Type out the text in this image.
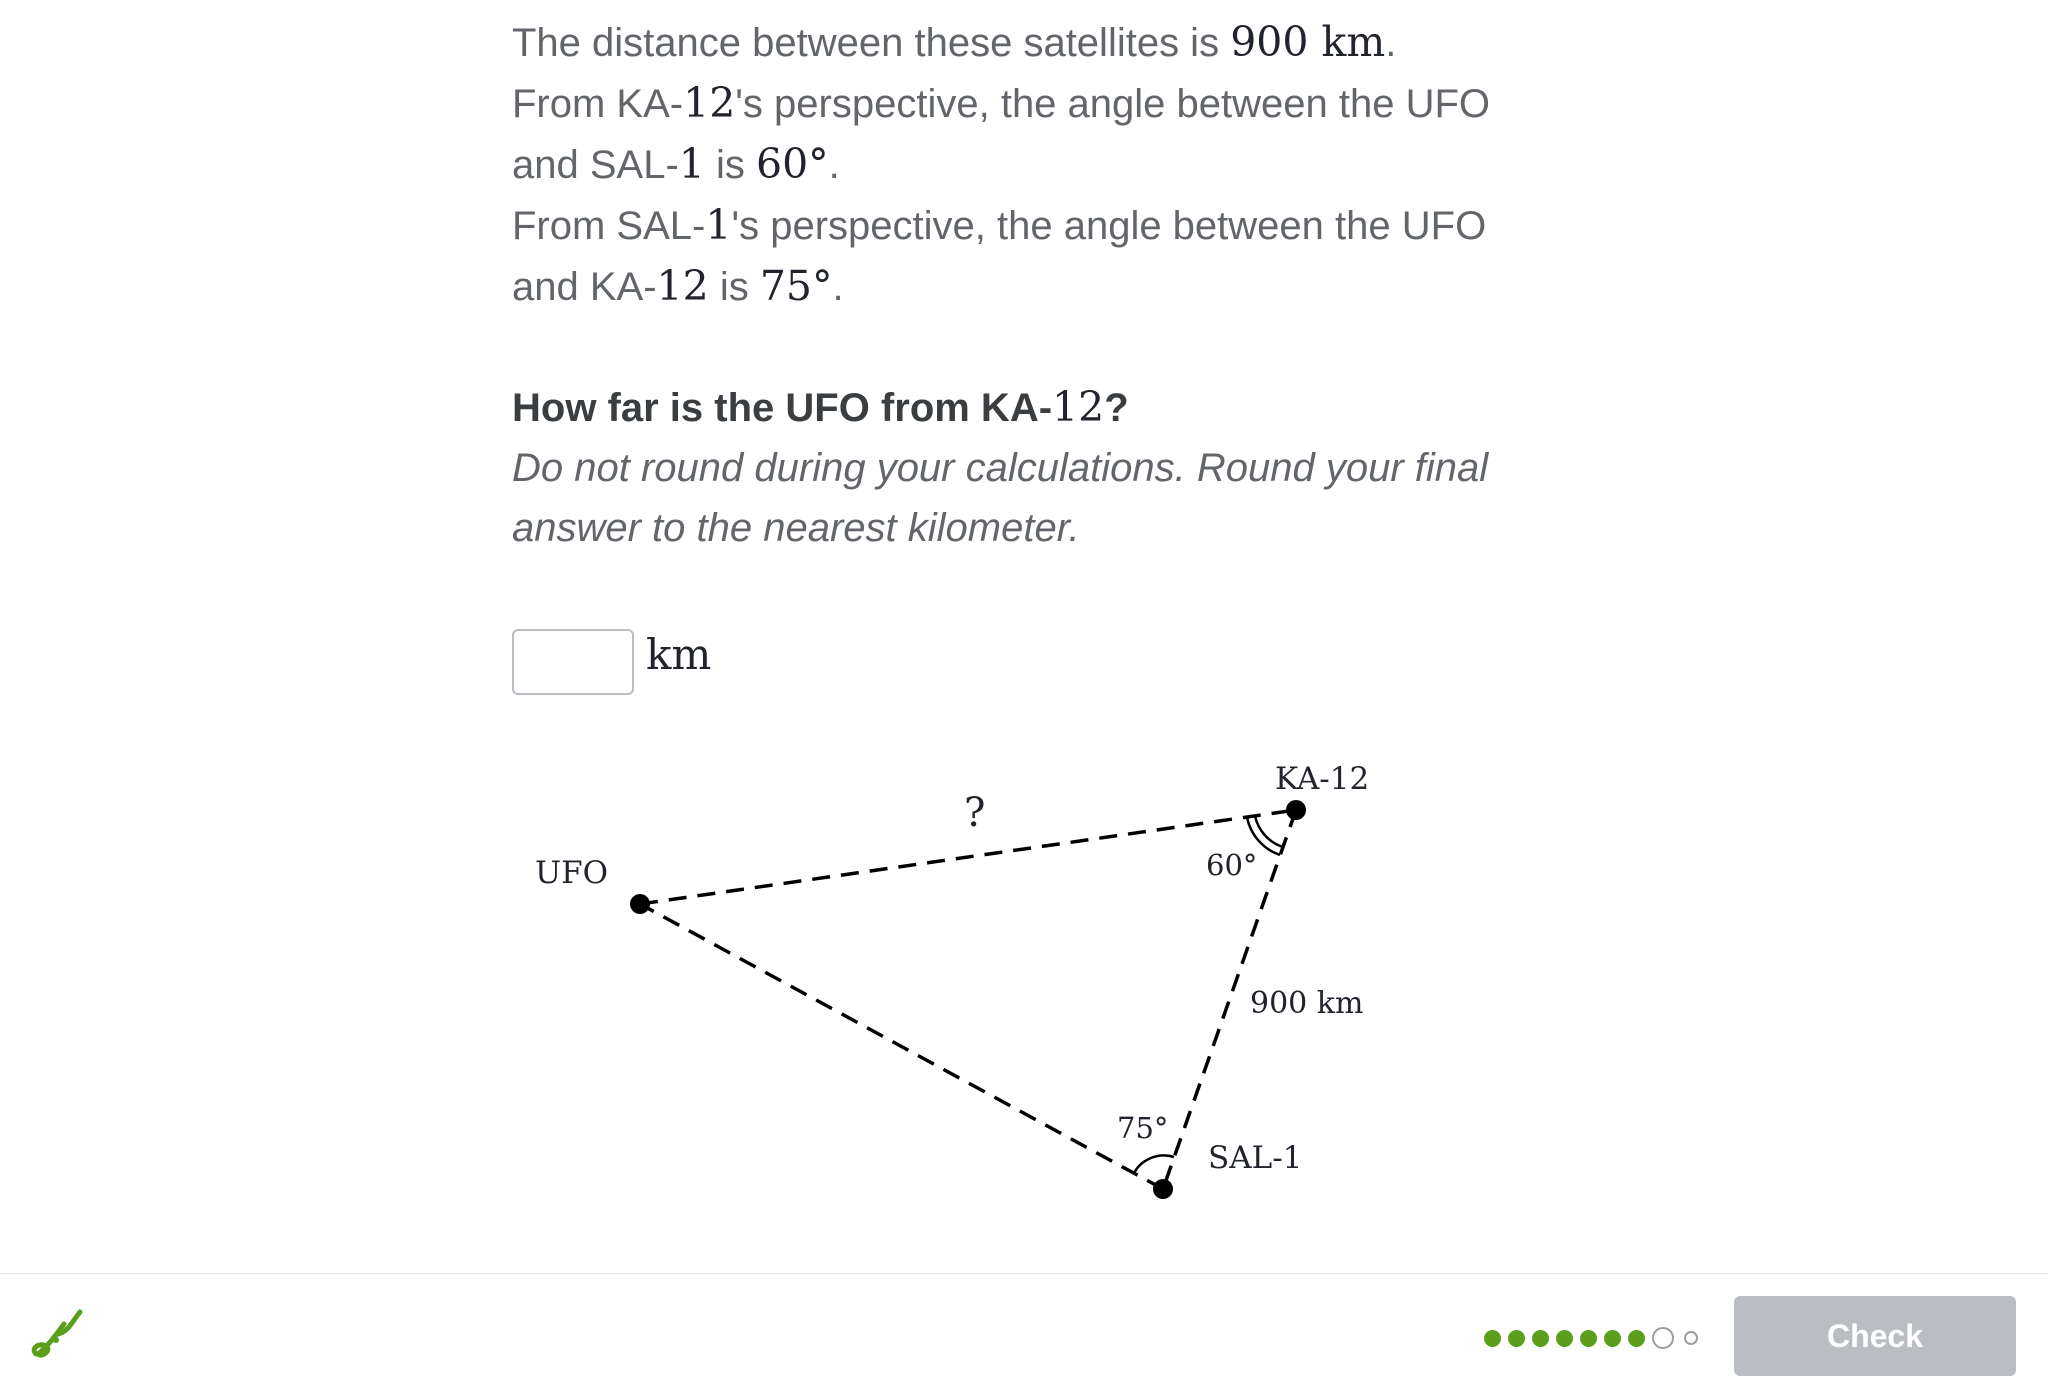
The distance between these satellites is 900 km.

From KA-12's perspective, the angle between the UFO

and SAL-1 is 60°.

From SAL-1's perspective, the angle between the UFO

and KA-12 is 75°.

How far is the UFO from KA-12?

Do not round during your calculations. Round your final
answer to the nearest kilometer.

km
UFO
KA-12
SAL-1
?
60°
75°
900 km
Check
